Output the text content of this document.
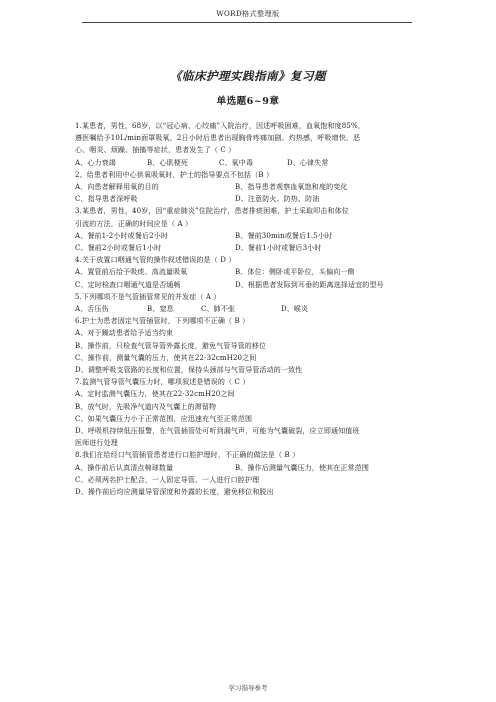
WORD格式整理版
《临床护理实践指南》复习题
单选题6~9章
1.某患者，男性，68岁，以“冠心病、心绞痛”入院治疗，因述呼吸困难，血氧饱和度85%，
遵医嘱给予10L/min面罩吸氧，2日小时后患者出现胸骨疼痛加剧、灼热感，呼吸增快、恶
心、咽炎、烦躁、抽搐等症状，患者发生了（ C ）
A、心力衰竭	B、心肌梗死	C、氧中毒	D、心律失常
2、给患者利用中心供氧吸氧时，护士的指导要点不包括（B ）
A、向患者解释用氧的目的	B、指导患者观察血氧饱和度的变化
C、指导患者深呼吸	D、注意防火、防热、防油
3.某患者，男性，40岁，因“重症肺炎”住院治疗，患者排痰困难，护士采取叩击和体位
引流的方法，正确的时间应是（ A ）
A、餐前1-2小时或餐后2小时	B、餐前30min或餐后1.5小时
C、餐前2小时或餐后1小时	D、餐前1小时或餐后3小时
4.关于放置口咽通气管的操作叙述错误的是（ D ）
A、置管前后给予吸痰、高流量吸氧	B、体位：侧卧或平卧位，头偏向一侧
C、定时检查口咽通气道是否通畅	D、根据患者发际到耳垂的距离选择适宜的型号
5.下列哪项不是气管插管常见的并发症（ A ）
A、舌压伤	B、窒息	C、肺不张	D、喉炎
6.护士为患者固定气管插管时，下列哪项不正确（ B ）
A、对于躁动患者给予适当约束
B、操作前，只检查气管导管外露长度，避免气管导管的移位
C、操作前，测量气囊的压力，使其在22-32cmH20之间
D、调整呼吸支管路的长度和位置，保持头颈部与气管导管活动的一致性
7.监测气管导管气囊压力时，哪项叙述是错误的（ C ）
A、定时监测气囊压力，使其在22-32cmH20之间
B、放气时，先吸净气道内及气囊上的滞留物
C、如果气囊压力小于正常范围，应迅速充气至正常范围
D、呼吸机持续低压报警，在气管插管处可听到漏气声，可能为气囊破裂，应立即通知值班
医师进行处理
8.我们在给经口气管插管患者进行口腔护理时，不正确的做法是（ B ）
A、操作前后认真清点棉球数量	B、操作后测量气囊压力，使其在正常范围
C、必须两名护士配合，一人固定导管、一人进行口腔护理
D、操作前后均应测量导管深度和外露的长度，避免移位和脱出
学习指导参考
